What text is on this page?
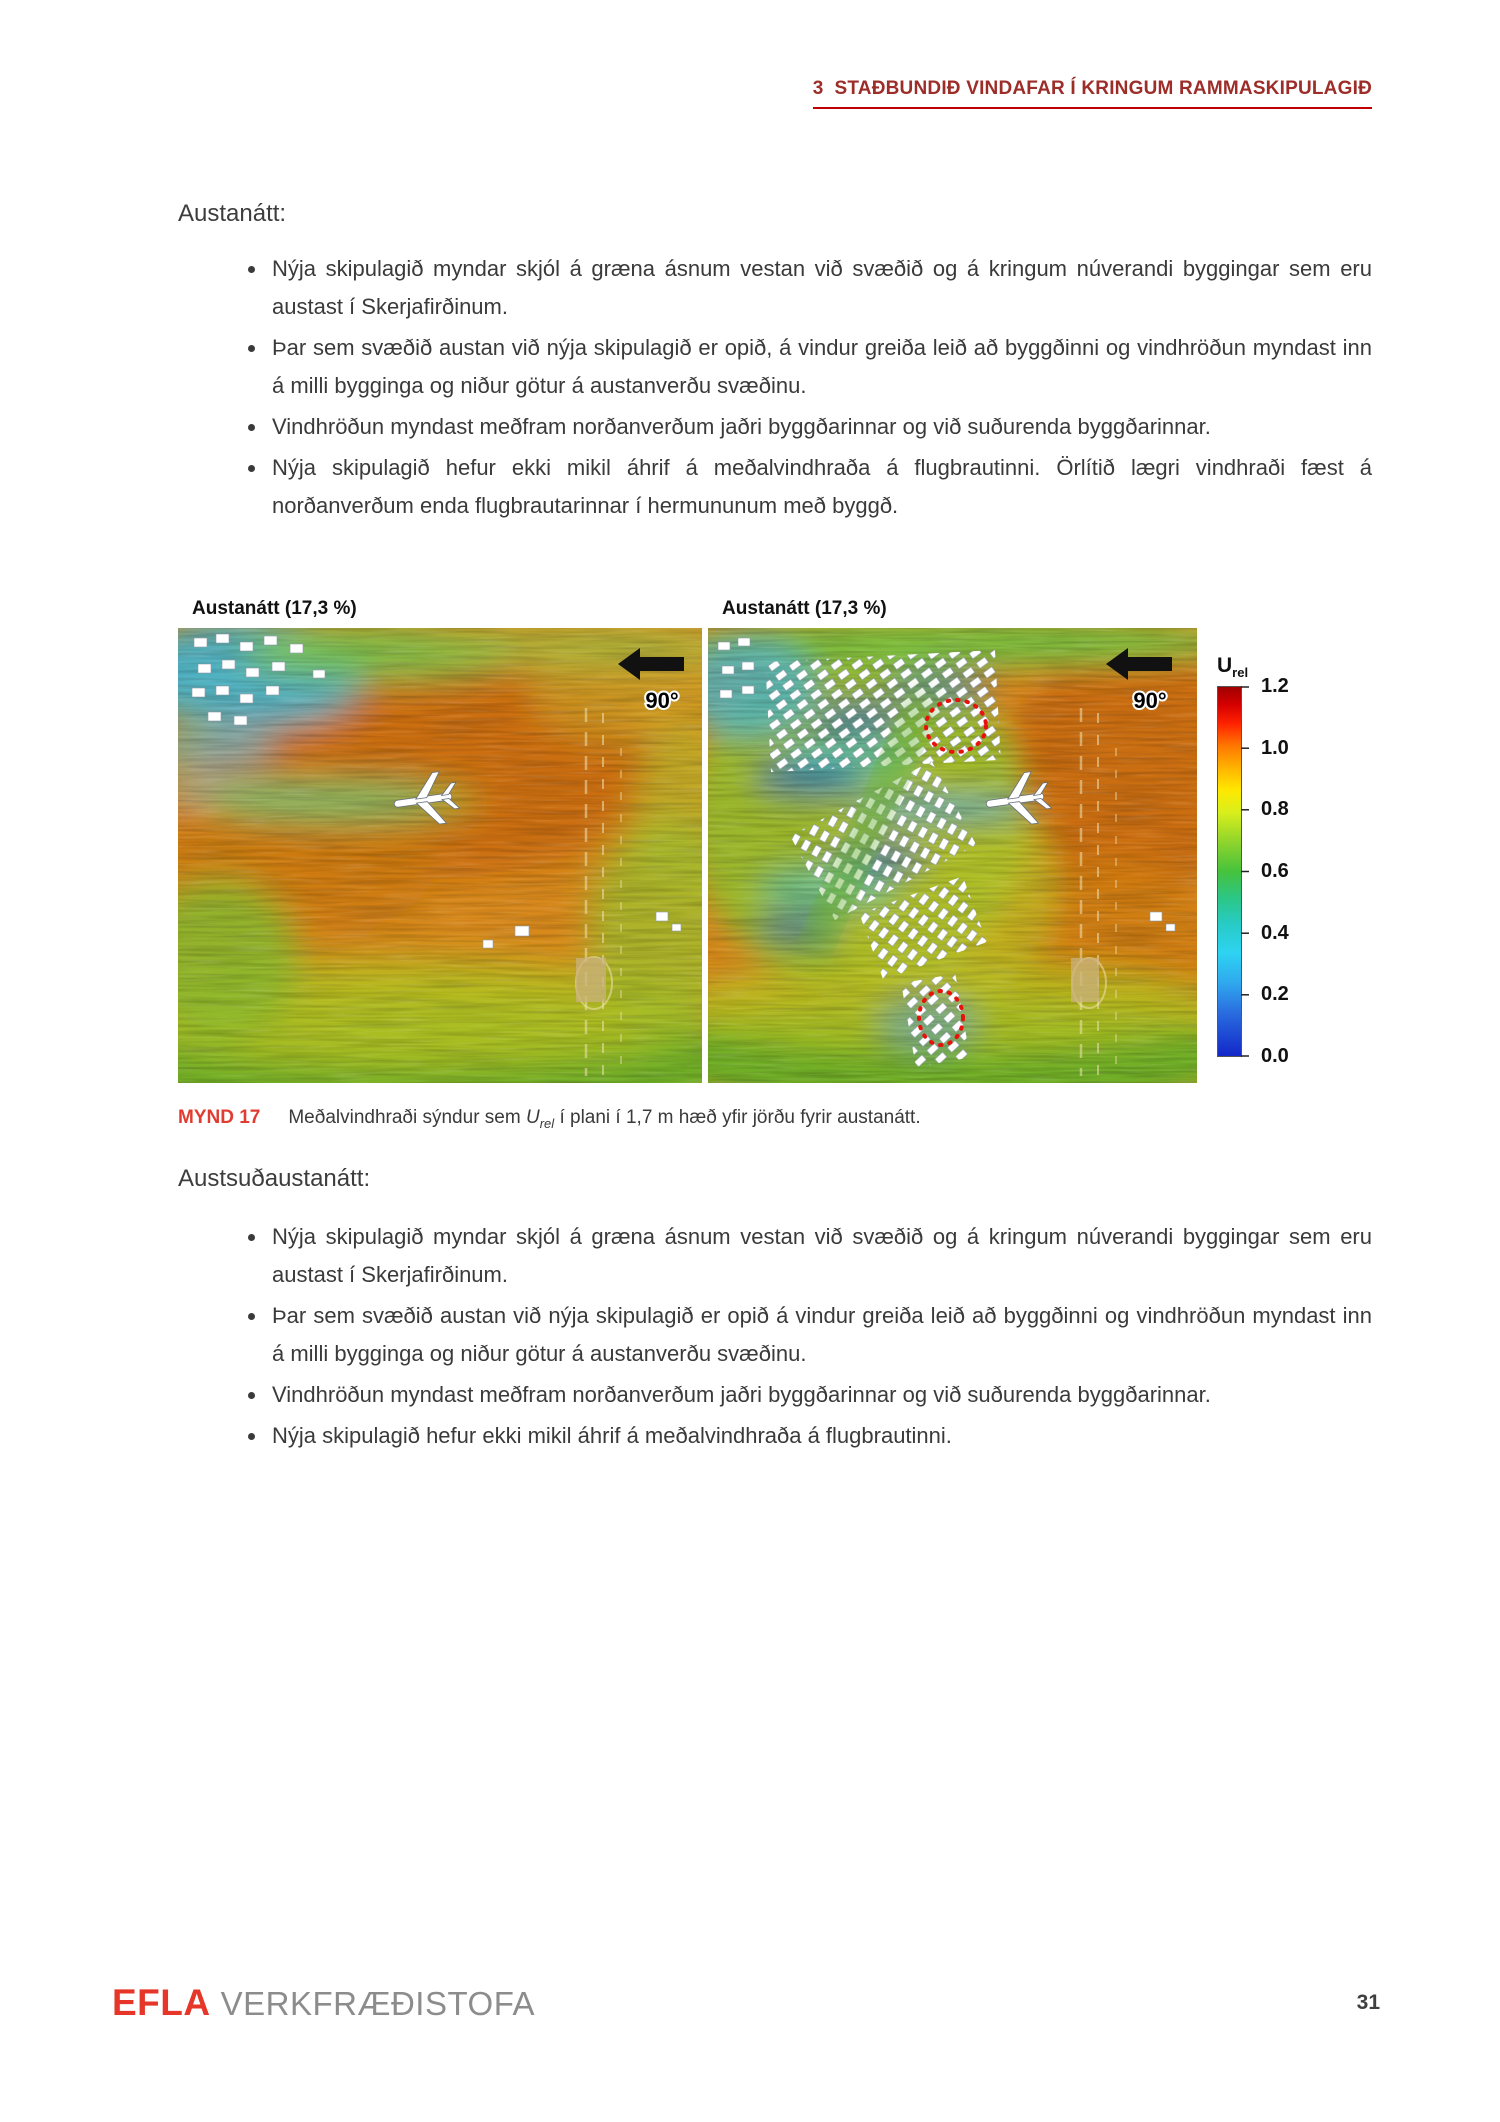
3  STAÐBUNDIÐ VINDAFAR Í KRINGUM RAMMASKIPULAGIÐ
Austanátt:
• Nýja skipulagið myndar skjól á græna ásnum vestan við svæðið og á kringum núverandi byggingar sem eru austast í Skerjafirðinum.
• Þar sem svæðið austan við nýja skipulagið er opið, á vindur greiða leið að byggðinni og vindhröðun myndast inn á milli bygginga og niður götur á austanverðu svæðinu.
• Vindhröðun myndast meðfram norðanverðum jaðri byggðarinnar og við suðurenda byggðarinnar.
• Nýja skipulagið hefur ekki mikil áhrif á meðalvindhraða á flugbrautinni. Örlítið lægri vindhraði fæst á norðanverðum enda flugbrautarinnar í hermununum með byggð.
Austanátt (17,3 %)
90°
Austanátt (17,3 %)
90°
$U_{rel}$
1.2
1.0
0.8
0.6
0.4
0.2
0.0
MYND 17 Meðalvindhraði sýndur sem $U_{rel}$ í plani í 1,7 m hæð yfir jörðu fyrir austanátt.
Austsuðaustanátt:
• Nýja skipulagið myndar skjól á græna ásnum vestan við svæðið og á kringum núverandi byggingar sem eru austast í Skerjafirðinum.
• Þar sem svæðið austan við nýja skipulagið er opið á vindur greiða leið að byggðinni og vindhröðun myndast inn á milli bygginga og niður götur á austanverðu svæðinu.
• Vindhröðun myndast meðfram norðanverðum jaðri byggðarinnar og við suðurenda byggðarinnar.
• Nýja skipulagið hefur ekki mikil áhrif á meðalvindhraða á flugbrautinni.
EFLA VERKFRÆÐISTOFA	31
